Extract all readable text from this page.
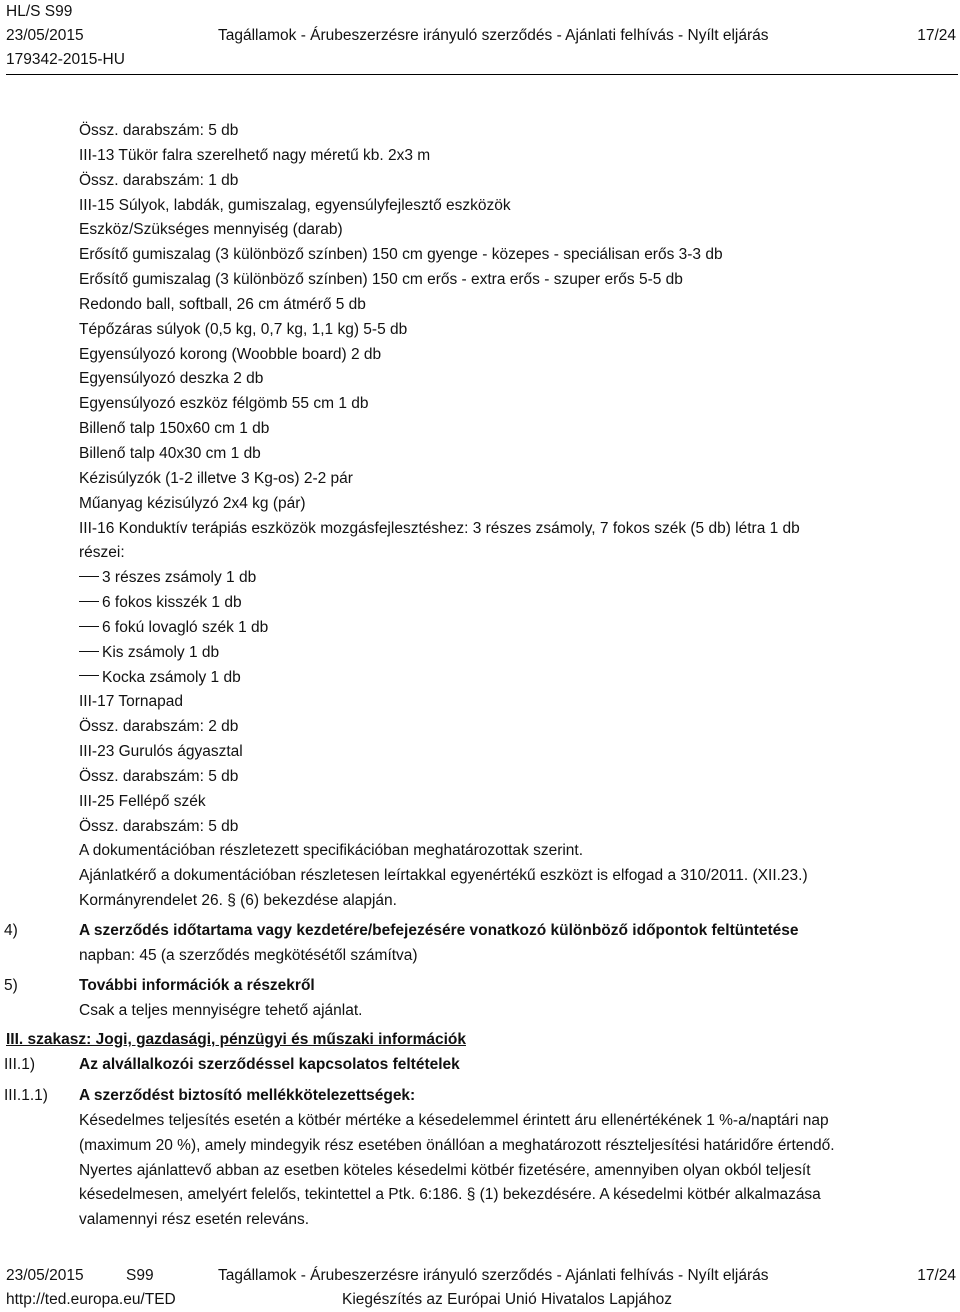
HL/S S99
23/05/2015	Tagállamok - Árubeszerzésre irányuló szerződés - Ajánlati felhívás - Nyílt eljárás	17/24
179342-2015-HU
Össz. darabszám: 5 db
III-13 Tükör falra szerelhető nagy méretű kb. 2x3 m
Össz. darabszám: 1 db
III-15 Súlyok, labdák, gumiszalag, egyensúlyfejlesztő eszközök
Eszköz/Szükséges mennyiség (darab)
Erősítő gumiszalag (3 különböző színben) 150 cm gyenge - közepes - speciálisan erős 3-3 db
Erősítő gumiszalag (3 különböző színben) 150 cm erős - extra erős - szuper erős 5-5 db
Redondo ball, softball, 26 cm átmérő 5 db
Tépőzáras súlyok (0,5 kg, 0,7 kg, 1,1 kg) 5-5 db
Egyensúlyozó korong (Woobble board) 2 db
Egyensúlyozó deszka 2 db
Egyensúlyozó eszköz félgömb 55 cm 1 db
Billenő talp 150x60 cm 1 db
Billenő talp 40x30 cm 1 db
Kézisúlyzók (1-2 illetve 3 Kg-os) 2-2 pár
Műanyag kézisúlyzó 2x4 kg (pár)
III-16 Konduktív terápiás eszközök mozgásfejlesztéshez: 3 részes zsámoly, 7 fokos szék (5 db) létra 1 db
részei:
3 részes zsámoly 1 db
6 fokos kisszék 1 db
6 fokú lovagló szék 1 db
Kis zsámoly 1 db
Kocka zsámoly 1 db
III-17 Tornapad
Össz. darabszám: 2 db
III-23 Gurulós ágyasztal
Össz. darabszám: 5 db
III-25 Fellépő szék
Össz. darabszám: 5 db
A dokumentációban részletezett specifikációban meghatározottak szerint.
Ajánlatkérő a dokumentációban részletesen leírtakkal egyenértékű eszközt is elfogad a 310/2011. (XII.23.)
Kormányrendelet 26. § (6) bekezdése alapján.
4)	A szerződés időtartama vagy kezdetére/befejezésére vonatkozó különböző időpontok feltüntetése
napban: 45 (a szerződés megkötésétől számítva)
5)	További információk a részekről
Csak a teljes mennyiségre tehető ajánlat.
III. szakasz: Jogi, gazdasági, pénzügyi és műszaki információk
III.1)	Az alvállalkozói szerződéssel kapcsolatos feltételek
III.1.1) A szerződést biztosító mellékkötelezettségek:
Késedelmes teljesítés esetén a kötbér mértéke a késedelemmel érintett áru ellenértékének 1 %-a/naptári nap
(maximum 20 %), amely mindegyik rész esetében önállóan a meghatározott részteljesítési határidőre értendő.
Nyertes ajánlattevő abban az esetben köteles késedelmi kötbér fizetésére, amennyiben olyan okból teljesít
késedelmesen, amelyért felelős, tekintettel a Ptk. 6:186. § (1) bekezdésére. A késedelmi kötbér alkalmazása
valamennyi rész esetén releváns.
23/05/2015	S99	Tagállamok - Árubeszerzésre irányuló szerződés - Ajánlati felhívás - Nyílt eljárás	17/24
http://ted.europa.eu/TED	Kiegészítés az Európai Unió Hivatalos Lapjához
